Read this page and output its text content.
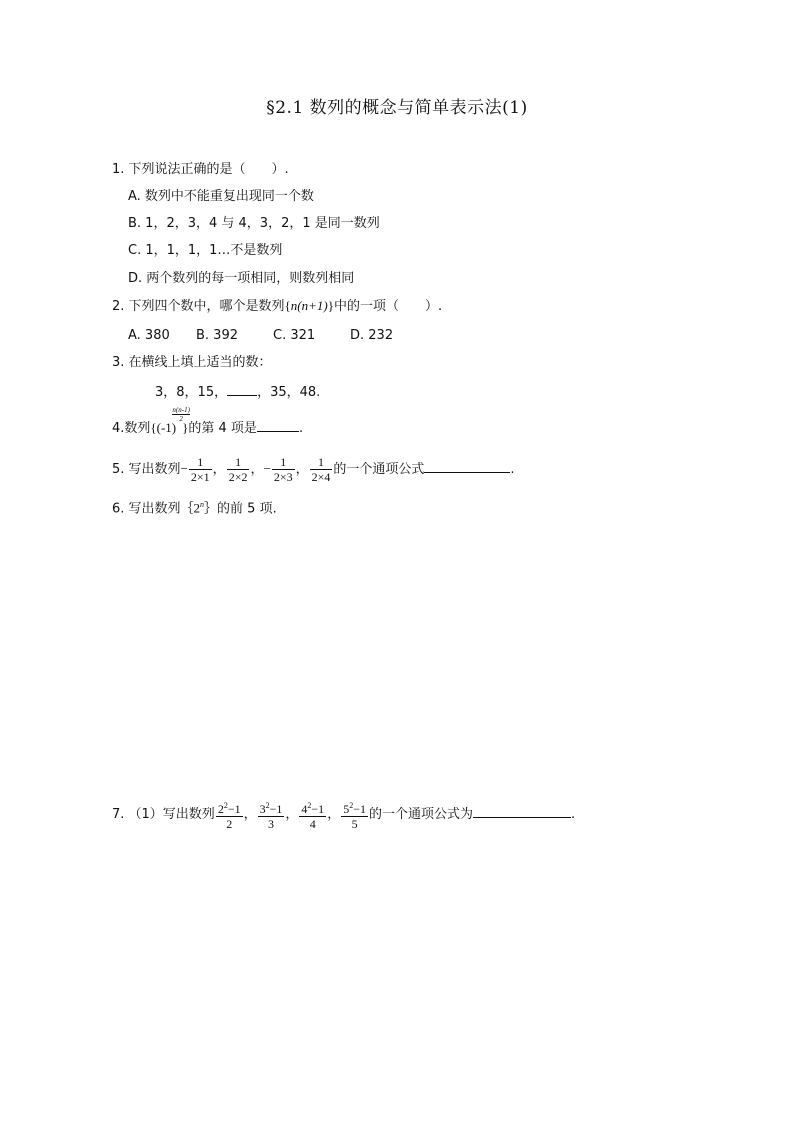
§2.1 数列的概念与简单表示法(1)
1. 下列说法正确的是（　　）.
A. 数列中不能重复出现同一个数
B. 1，2，3，4 与 4，3，2，1 是同一数列
C. 1，1，1，1…不是数列
D. 两个数列的每一项相同，则数列相同
2. 下列四个数中，哪个是数列{n(n+1)}中的一项（　　）.
A. 380 B. 392	C. 321	D. 232
3. 在横线上填上适当的数：
3，8，15， ，35，48.
4.数列{(-1)
n(n-1)
2
}的第 4 项是	.
5. 写出数列− $\frac{1}{2\times 1}$ ， $\frac{1}{2\times 2}$ ，− $\frac{1}{2\times 3}$ ， $\frac{1}{2\times 4}$ 的一个通项公式	.
6. 写出数列｛2$^n$｝的前 5 项.
7. （1）写出数列 $\frac{2^2-1}{2}$ ， $\frac{3^2-1}{3}$ ， $\frac{4^2-1}{4}$ ， $\frac{5^2-1}{5}$ 的一个通项公式为	.
